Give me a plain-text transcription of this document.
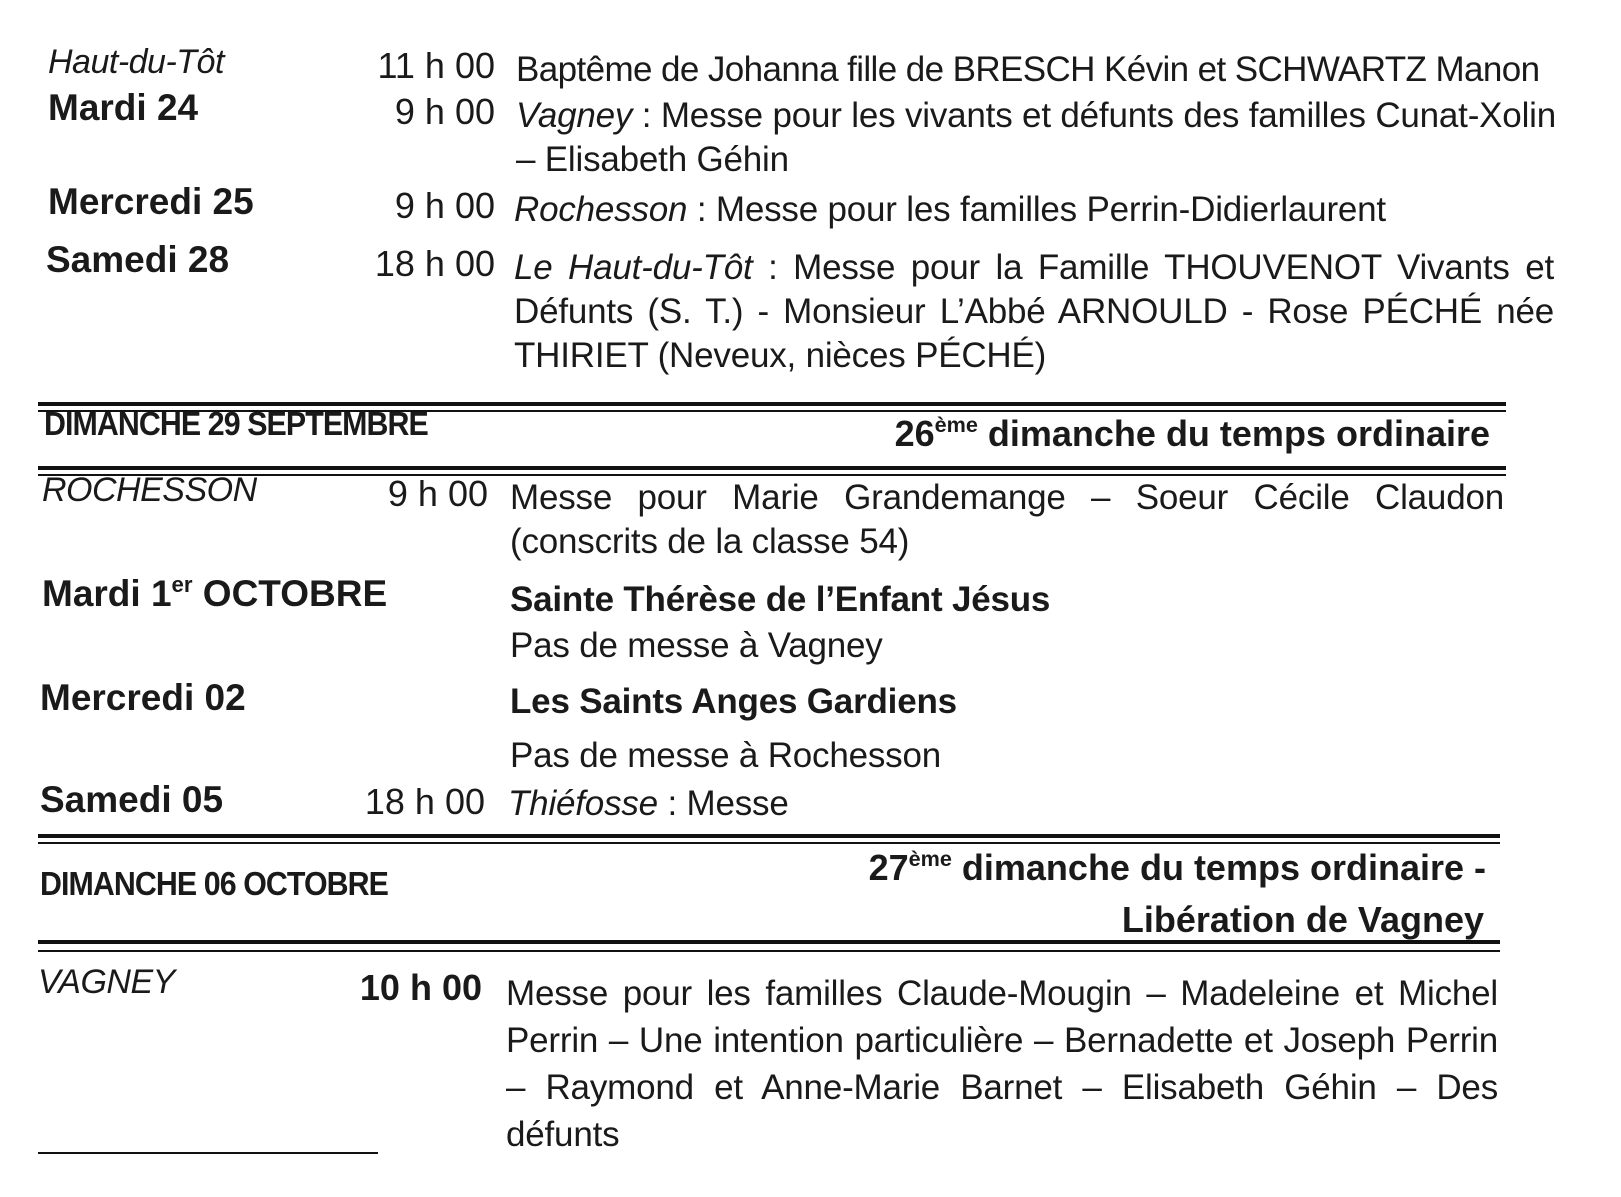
Haut-du-Tôt	11 h 00 Baptême de Johanna fille de BRESCH Kévin et SCHWARTZ Manon
Mardi 24	9 h 00 Vagney : Messe pour les vivants et défunts des familles Cunat-Xolin – Elisabeth Géhin
Mercredi 25	9 h 00 Rochesson : Messe pour les familles Perrin-Didierlaurent
Samedi 28	18 h 00 Le Haut-du-Tôt : Messe pour la Famille THOUVENOT Vivants et Défunts (S. T.) - Monsieur L’Abbé ARNOULD - Rose PÉCHÉ née THIRIET (Neveux, nièces PÉCHÉ)
DIMANCHE 29 SEPTEMBRE	26ème dimanche du temps ordinaire
ROCHESSON	9 h 00 Messe pour Marie Grandemange – Soeur Cécile Claudon (conscrits de la classe 54)
Mardi 1er OCTOBRE	Sainte Thérèse de l’Enfant Jésus
Pas de messe à Vagney
Mercredi 02	Les Saints Anges Gardiens
Pas de messe à Rochesson
Samedi 05	18 h 00 Thiéfosse : Messe
DIMANCHE 06 OCTOBRE	27ème dimanche du temps ordinaire -
Libération de Vagney
VAGNEY	10 h 00 Messe pour les familles Claude-Mougin – Madeleine et Michel Perrin – Une intention particulière – Bernadette et Joseph Perrin – Raymond et Anne-Marie Barnet – Elisabeth Géhin – Des défunts
